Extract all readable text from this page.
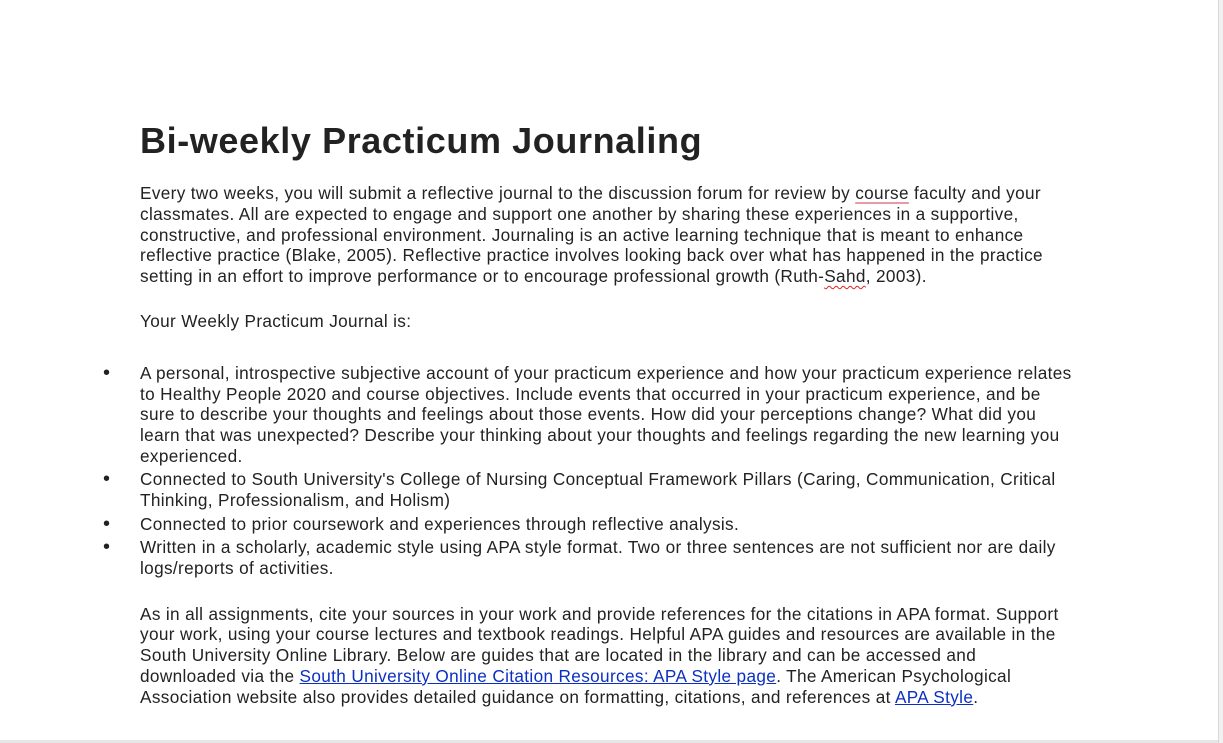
Bi-weekly Practicum Journaling

Every two weeks, you will submit a reflective journal to the discussion forum for review by course faculty and your classmates. All are expected to engage and support one another by sharing these experiences in a supportive, constructive, and professional environment. Journaling is an active learning technique that is meant to enhance reflective practice (Blake, 2005). Reflective practice involves looking back over what has happened in the practice setting in an effort to improve performance or to encourage professional growth (Ruth-Sahd, 2003).

Your Weekly Practicum Journal is:

• A personal, introspective subjective account of your practicum experience and how your practicum experience relates to Healthy People 2020 and course objectives. Include events that occurred in your practicum experience, and be sure to describe your thoughts and feelings about those events. How did your perceptions change? What did you learn that was unexpected? Describe your thinking about your thoughts and feelings regarding the new learning you experienced.
• Connected to South University's College of Nursing Conceptual Framework Pillars (Caring, Communication, Critical Thinking, Professionalism, and Holism)
• Connected to prior coursework and experiences through reflective analysis.
• Written in a scholarly, academic style using APA style format. Two or three sentences are not sufficient nor are daily logs/reports of activities.

As in all assignments, cite your sources in your work and provide references for the citations in APA format. Support your work, using your course lectures and textbook readings. Helpful APA guides and resources are available in the South University Online Library. Below are guides that are located in the library and can be accessed and downloaded via the South University Online Citation Resources: APA Style page. The American Psychological Association website also provides detailed guidance on formatting, citations, and references at APA Style.
